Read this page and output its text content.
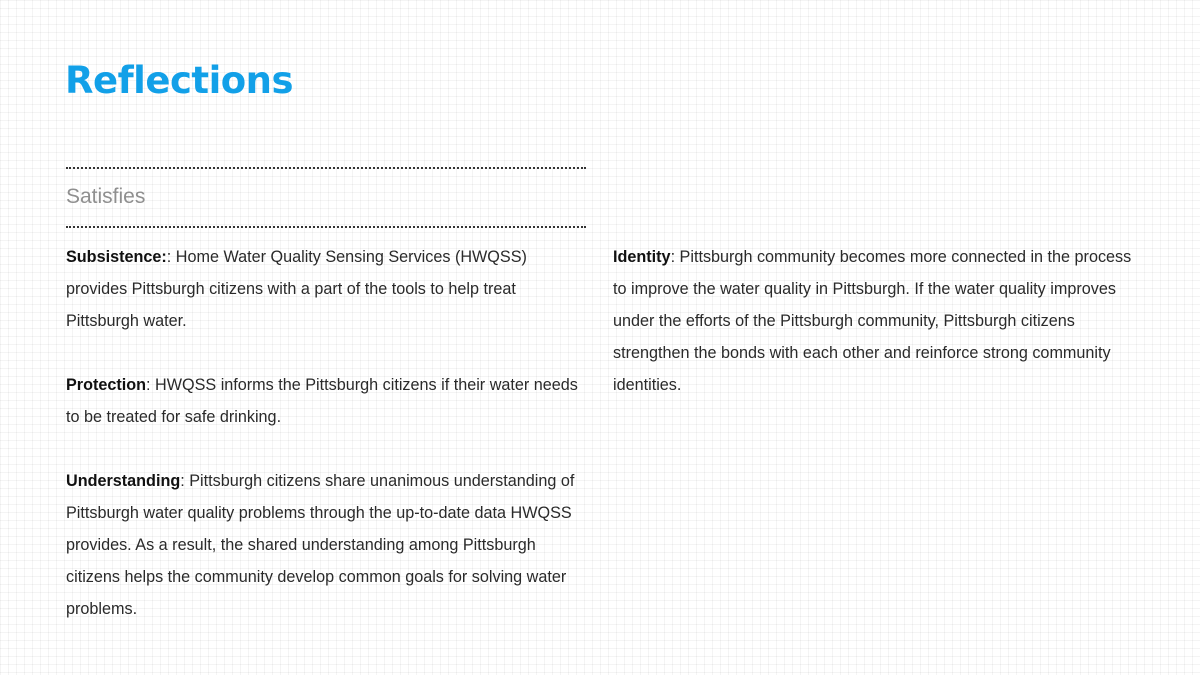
Reflections
Satisfies

Subsistence:: Home Water Quality Sensing Services (HWQSS) provides Pittsburgh citizens with a part of the tools to help treat Pittsburgh water.

Protection: HWQSS informs the Pittsburgh citizens if their water needs to be treated for safe drinking.

Understanding: Pittsburgh citizens share unanimous understanding of Pittsburgh water quality problems through the up-to-date data HWQSS provides. As a result, the shared understanding among Pittsburgh citizens helps the community develop common goals for solving water problems.

Identity: Pittsburgh community becomes more connected in the process to improve the water quality in Pittsburgh. If the water quality improves under the efforts of the Pittsburgh community, Pittsburgh citizens strengthen the bonds with each other and reinforce strong community identities.
